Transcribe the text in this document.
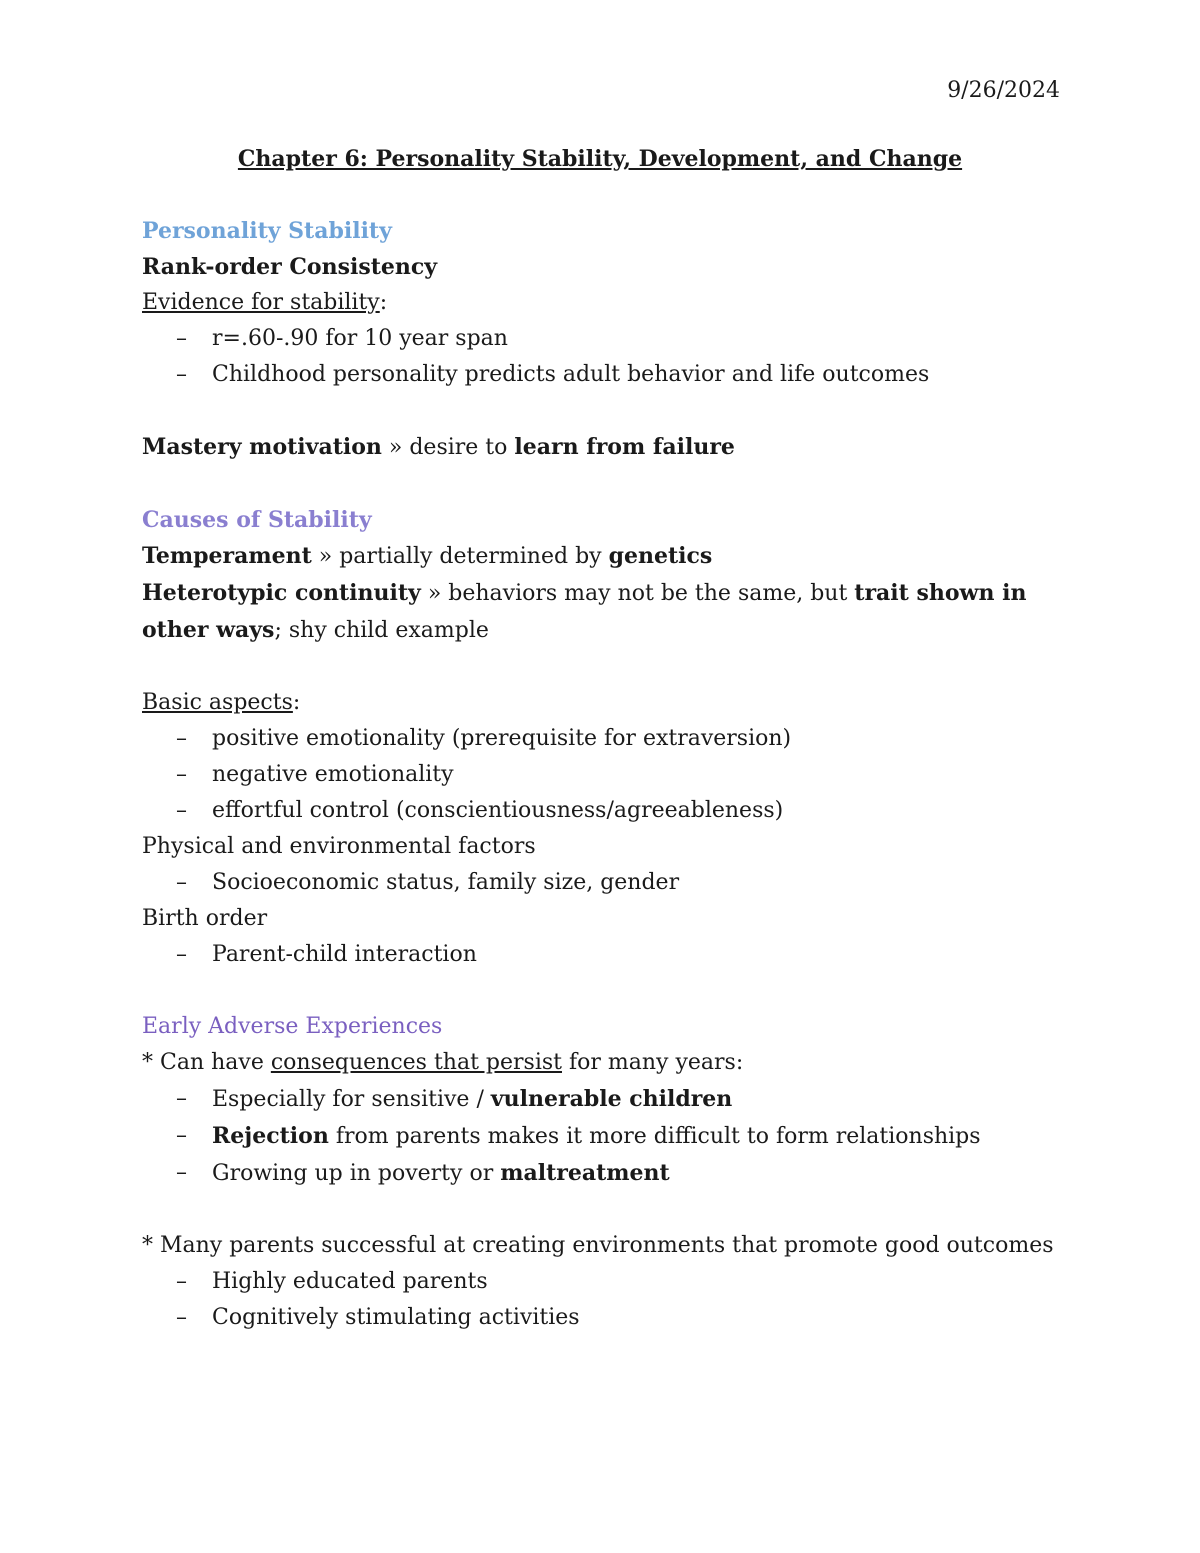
9/26/2024
Chapter 6: Personality Stability, Development, and Change
Personality Stability
Rank-order Consistency
Evidence for stability:
– r=.60-.90 for 10 year span
– Childhood personality predicts adult behavior and life outcomes
Mastery motivation » desire to learn from failure
Causes of Stability
Temperament » partially determined by genetics
Heterotypic continuity » behaviors may not be the same, but trait shown in other ways; shy child example
Basic aspects:
– positive emotionality (prerequisite for extraversion)
– negative emotionality
– effortful control (conscientiousness/agreeableness)
Physical and environmental factors
– Socioeconomic status, family size, gender
Birth order
– Parent-child interaction
Early Adverse Experiences
* Can have consequences that persist for many years:
– Especially for sensitive / vulnerable children
– Rejection from parents makes it more difficult to form relationships
– Growing up in poverty or maltreatment
* Many parents successful at creating environments that promote good outcomes
– Highly educated parents
– Cognitively stimulating activities
